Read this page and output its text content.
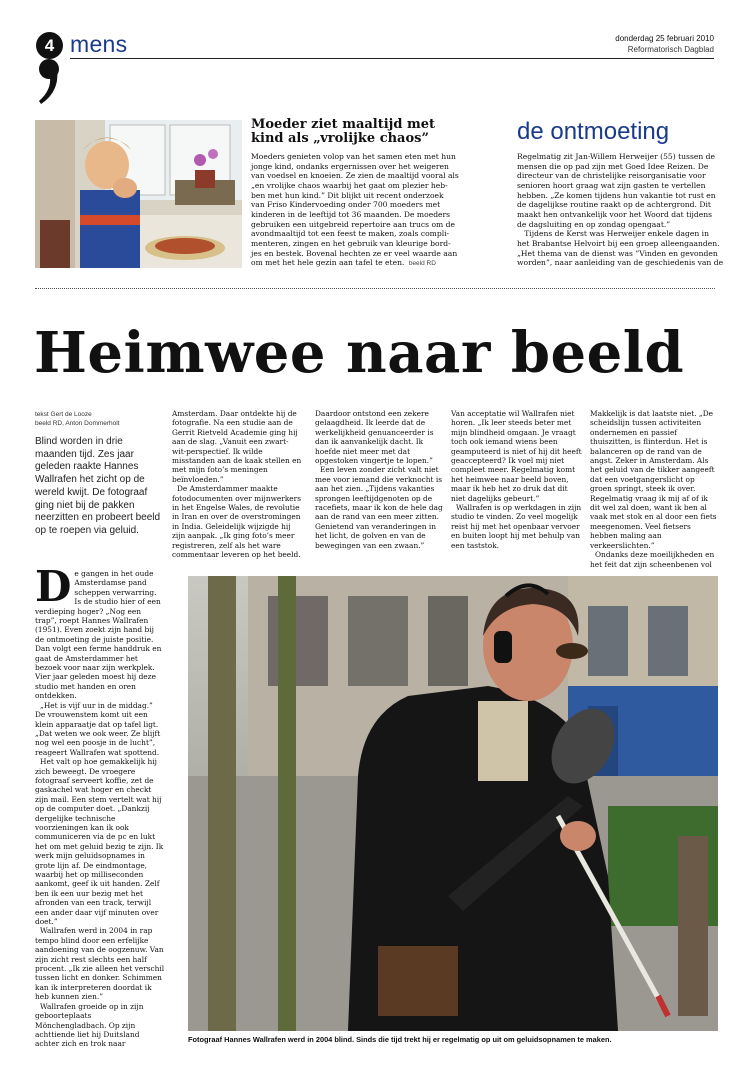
4 mens	donderdag 25 februari 2010
Reformatorisch Dagblad
Moeder ziet maaltijd met
kind als „vrolijke chaos”
Moeders genieten volop van het samen eten met hun
jonge kind, ondanks ergernissen over het weigeren
van voedsel en knoeien. Ze zien de maaltijd vooral als
„en vrolijke chaos waarbij het gaat om plezier heb-
ben met hun kind.” Dit blijkt uit recent onderzoek
van Friso Kindervoeding onder 700 moeders met
kinderen in de leeftijd tot 36 maanden. De moeders
gebruiken een uitgebreid repertoire aan trucs om de
avondmaaltijd tot een feest te maken, zoals compli-
menteren, zingen en het gebruik van kleurige bord-
jes en bestek. Bovenal hechten ze er veel waarde aan
om met het hele gezin aan tafel te eten. beeld RD
de ontmoeting
Regelmatig zit Jan-Willem Herweijer (55) tussen de
mensen die op pad zijn met Goed Idee Reizen. De
directeur van de christelijke reisorganisatie voor
senioren hoort graag wat zijn gasten te vertellen
hebben. „Ze komen tijdens hun vakantie tot rust en
de dagelijkse routine raakt op de achtergrond. Dit
maakt hen ontvankelijk voor het Woord dat tijdens
de dagsluiting en op zondag opengaat.”
Tijdens de Kerst was Herweijer enkele dagen in
het Brabantse Helvoirt bij een groep alleengaanden.
„Het thema van de dienst was ”Vinden en gevonden
worden”, naar aanleiding van de geschiedenis van de
Heimwee naar beeld
tekst Gert de Looze
beeld RD, Anton Dommerholt
Blind worden in drie maanden tijd. Zes jaar geleden raakte Hannes Wallrafen het zicht op de wereld kwijt. De fotograaf ging niet bij de pakken neerzitten en probeert beeld op te roepen via geluid.

Amsterdam. Daar ontdekte hij de fotografie. Na een studie aan de Gerrit Rietveld Academie ging hij aan de slag. „Vanuit een zwart-wit-perspectief. Ik wilde misstanden aan de kaak stellen en met mijn foto’s meningen beïnvloeden.”

De Amsterdammer maakte fotodocumenten over mijnwerkers in het Engelse Wales, de revolutie in Iran en over de overstromingen in India. Geleidelijk wijzigde hij zijn aanpak. „Ik ging foto’s meer registreren, zelf als het ware commentaar leveren op het beeld.

Daardoor ontstond een zekere gelaagdheid. Ik leerde dat de werkelijkheid genuanceerder is dan ik aanvankelijk dacht. Ik hoefde niet meer met dat opgestoken vingertje te lopen.”

Een leven zonder zicht valt niet mee voor iemand die verknocht is aan het zien. „Tijdens vakanties sprongen leeftijdgenoten op de racefiets, maar ik kon de hele dag aan de rand van een meer zitten. Genietend van veranderingen in het licht, de golven en van de bewegingen van een zwaan.”

Van acceptatie wil Wallrafen niet horen. „Ik leer steeds beter met mijn blindheid omgaan. Je vraagt toch ook iemand wiens been geamputeerd is niet of hij dit heeft geaccepteerd? Ik voel mij niet compleet meer. Regelmatig komt het heimwee naar beeld boven, maar ik heb het zo druk dat dit niet dagelijks gebeurt.”

Wallrafen is op werkdagen in zijn studio te vinden. Zo veel mogelijk reist hij met het openbaar vervoer en buiten loopt hij met behulp van een taststok.

Makkelijk is dat laatste niet. „De scheidslijn tussen activiteiten ondernemen en passief thuiszitten, is flinterdun. Het is balanceren op de rand van de angst. Zeker in Amsterdam. Als het geluid van de tikker aangeeft dat een voetgangerslicht op groen springt, steek ik over. Regelmatig vraag ik mij af of ik dit wel zal doen, want ik ben al vaak met stok en al door een fiets meegenomen. Veel fietsers hebben maling aan verkeerslichten.”

Ondanks deze moeilijkheden en het feit dat zijn scheenbenen vol

D e gangen in het oude Amsterdamse pand scheppen verwarring. Is de studio hier of een verdieping hoger? „Nog een trap”, roept Hannes Wallrafen (1951). Even zoekt zijn hand bij de ontmoeting de juiste positie. Dan volgt een ferme handdruk en gaat de Amsterdammer het bezoek voor naar zijn werkplek. Vier jaar geleden moest hij deze studio met handen en oren ontdekken.

„Het is vijf uur in de middag.” De vrouwenstem komt uit een klein apparaatje dat op tafel ligt. „Dat weten we ook weer. Ze blijft nog wel een poosje in de lucht”, reageert Wallrafen wat spottend.

Het valt op hoe gemakkelijk hij zich beweegt. De vroegere fotograaf serveert koffie, zet de gaskachel wat hoger en checkt zijn mail. Een stem vertelt wat hij op de computer doet. „Dankzij dergelijke technische voorzieningen kan ik ook communiceren via de pc en lukt het om met geluid bezig te zijn. Ik werk mijn geluidsopnames in grote lijn af. De eindmontage, waarbij het op milliseconden aankomt, geef ik uit handen. Zelf ben ik een uur bezig met het afronden van een track, terwijl een ander daar vijf minuten over doet.”

Wallrafen werd in 2004 in rap tempo blind door een erfelijke aandoening van de oogzenuw. Van zijn zicht rest slechts een half procent. „Ik zie alleen het verschil tussen licht en donker. Schimmen kan ik interpreteren doordat ik heb kunnen zien.”

Wallrafen groeide op in zijn geboorteplaats Mönchengladbach. Op zijn achttiende liet hij Duitsland achter zich en trok naar	Fotograaf Hannes Wallrafen werd in 2004 blind. Sinds die tijd trekt hij er regelmatig op uit om geluidsopnamen te maken.
